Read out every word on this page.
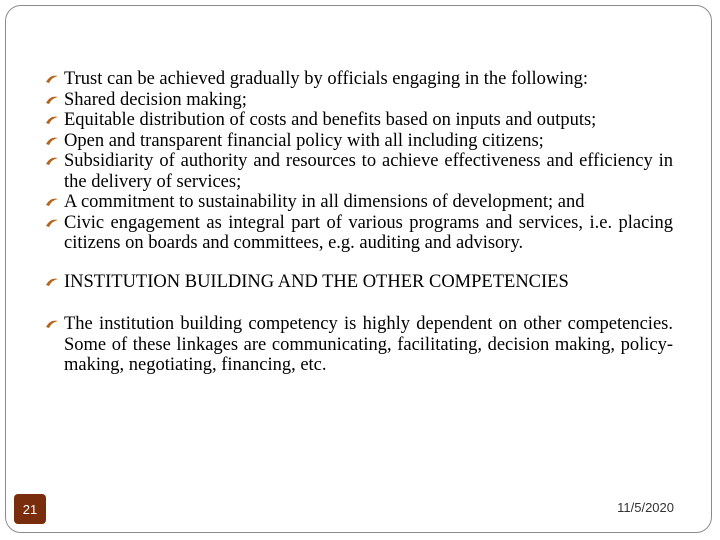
Trust can be achieved gradually by officials engaging in the following:
Shared decision making;
Equitable distribution of costs and benefits based on inputs and outputs;
Open and transparent financial policy with all including citizens;
Subsidiarity of authority and resources to achieve effectiveness and efficiency in the delivery of services;
A commitment to sustainability in all dimensions of development; and
Civic engagement as integral part of various programs and services, i.e. placing citizens on boards and committees, e.g. auditing and advisory.
INSTITUTION BUILDING AND THE OTHER COMPETENCIES
The institution building competency is highly dependent on other competencies. Some of these linkages are communicating, facilitating, decision making, policy-making, negotiating, financing, etc.
21	11/5/2020
